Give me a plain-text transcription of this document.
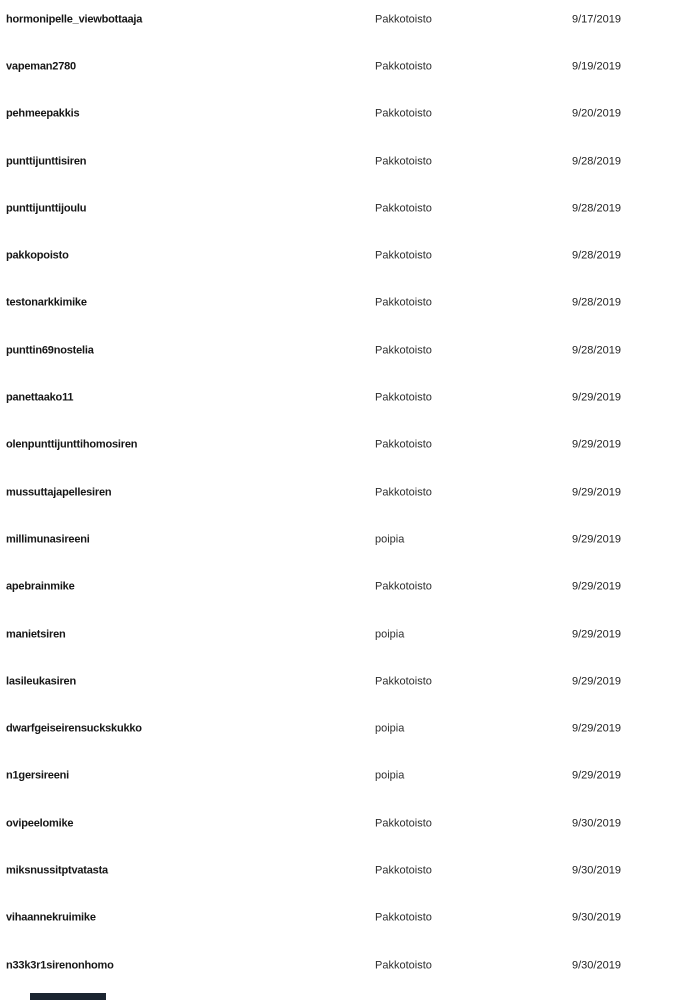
hormonipelle_viewbottaaja	Pakkotoisto	9/17/2019
vapeman2780	Pakkotoisto	9/19/2019
pehmeepakkis	Pakkotoisto	9/20/2019
punttijunttisiren	Pakkotoisto	9/28/2019
punttijunttijoulu	Pakkotoisto	9/28/2019
pakkopoisto	Pakkotoisto	9/28/2019
testonarkkimike	Pakkotoisto	9/28/2019
punttin69nostelia	Pakkotoisto	9/28/2019
panettaako11	Pakkotoisto	9/29/2019
olenpunttijunttihomosiren	Pakkotoisto	9/29/2019
mussuttajapellesiren	Pakkotoisto	9/29/2019
millimunasireeni	poipia	9/29/2019
apebrainmike	Pakkotoisto	9/29/2019
manietsiren	poipia	9/29/2019
lasileukasiren	Pakkotoisto	9/29/2019
dwarfgeiseirensuckskukko	poipia	9/29/2019
n1gersireeni	poipia	9/29/2019
ovipeelomike	Pakkotoisto	9/30/2019
miksnussitptvatasta	Pakkotoisto	9/30/2019
vihaannekruimike	Pakkotoisto	9/30/2019
n33k3r1sirenonhomo	Pakkotoisto	9/30/2019
